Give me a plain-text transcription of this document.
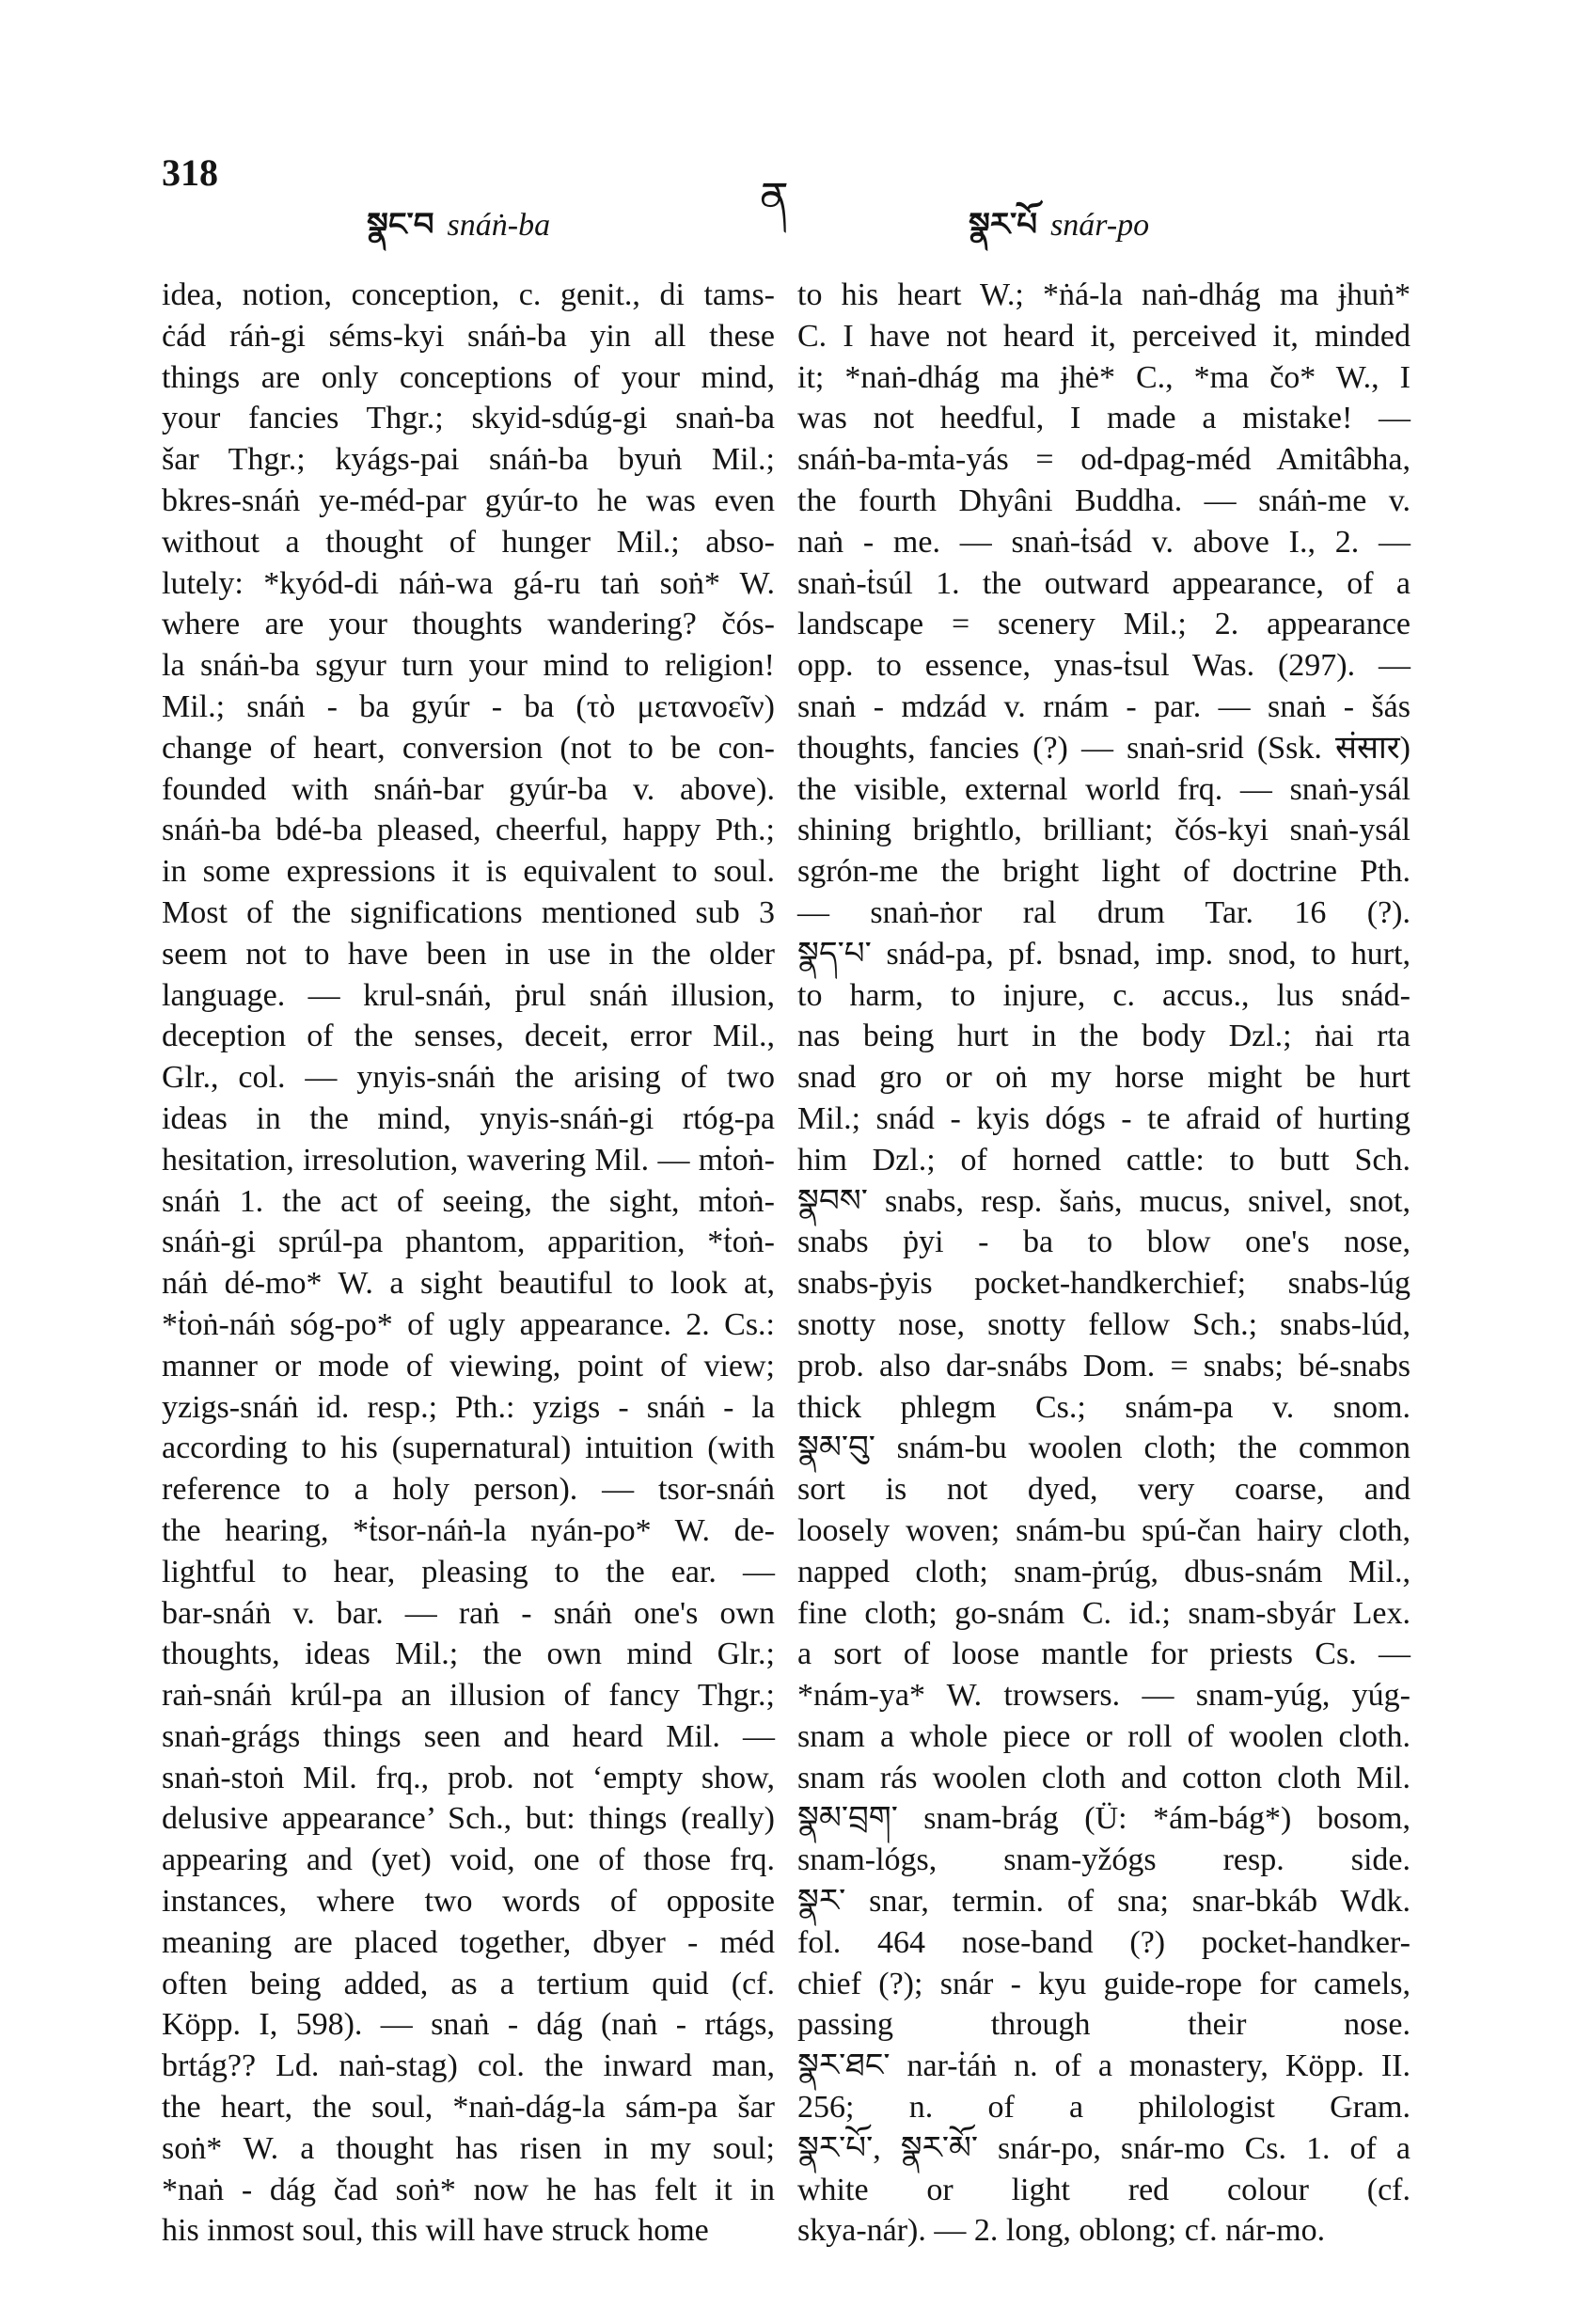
318
སྣང་བ snáṅ-ba
ན
སྣར་པོ snár-po
idea, notion, conception, c. genit., di tams-
ċád ráṅ-gi séms-kyi snáṅ-ba yin all these
things are only conceptions of your mind,
your fancies Thgr.; skyid-sdúg-gi snaṅ-ba
šar Thgr.; kyágs-pai snáṅ-ba byuṅ Mil.;
bkres-snáṅ ye-méd-par gyúr-to he was even
without a thought of hunger Mil.; abso-
lutely: *kyód-di náṅ-wa gá-ru taṅ soṅ* W.
where are your thoughts wandering? čós-
la snáṅ-ba sgyur turn your mind to religion!
Mil.; snáṅ - ba gyúr - ba (τὸ μετανοεῖν)
change of heart, conversion (not to be con-
founded with snáṅ-bar gyúr-ba v. above).
snáṅ-ba bdé-ba pleased, cheerful, happy Pth.;
in some expressions it is equivalent to soul.
Most of the significations mentioned sub 3
seem not to have been in use in the older
language. — krul-snáṅ, ṗrul snáṅ illusion,
deception of the senses, deceit, error Mil.,
Glr., col. — ynyis-snáṅ the arising of two
ideas in the mind, ynyis-snáṅ-gi rtóg-pa
hesitation, irresolution, wavering Mil. — mṫoṅ-
snáṅ 1. the act of seeing, the sight, mṫoṅ-
snáṅ-gi sprúl-pa phantom, apparition, *ṫoṅ-
náṅ dé-mo* W. a sight beautiful to look at,
*ṫoṅ-náṅ sóg-po* of ugly appearance. 2. Cs.:
manner or mode of viewing, point of view;
yzigs-snáṅ id. resp.; Pth.: yzigs - snáṅ - la
according to his (supernatural) intuition (with
reference to a holy person). — tsor-snáṅ
the hearing, *ṫsor-náṅ-la nyán-po* W. de-
lightful to hear, pleasing to the ear. —
bar-snáṅ v. bar. — raṅ - snáṅ one's own
thoughts, ideas Mil.; the own mind Glr.;
raṅ-snáṅ krúl-pa an illusion of fancy Thgr.;
snaṅ-grágs things seen and heard Mil. —
snaṅ-stoṅ Mil. frq., prob. not ‘empty show,
delusive appearance’ Sch., but: things (really)
appearing and (yet) void, one of those frq.
instances, where two words of opposite
meaning are placed together, dbyer - méd
often being added, as a tertium quid (cf.
Köpp. I, 598). — snaṅ - dág (naṅ - rtágs,
brtág?? Ld. naṅ-stag) col. the inward man,
the heart, the soul, *naṅ-dág-la sám-pa šar
soṅ* W. a thought has risen in my soul;
*naṅ - dág čad soṅ* now he has felt it in
his inmost soul, this will have struck home
to his heart W.; *ṅá-la naṅ-dhág ma ɉhuṅ*
C. I have not heard it, perceived it, minded
it; *naṅ-dhág ma ɉhė* C., *ma čo* W., I
was not heedful, I made a mistake! —
snáṅ-ba-mṫa-yás = od-dpag-méd Amitâbha,
the fourth Dhyâni Buddha. — snáṅ-me v.
naṅ - me. — snaṅ-ṫsád v. above I., 2. —
snaṅ-ṫsúl 1. the outward appearance, of a
landscape = scenery Mil.; 2. appearance
opp. to essence, ynas-ṫsul Was. (297). —
snaṅ - mdzád v. rnám - par. — snaṅ - šás
thoughts, fancies (?) — snaṅ-srid (Ssk. संसार)
the visible, external world frq. — snaṅ-ysál
shining brightlo, brilliant; čós-kyi snaṅ-ysál
sgrón-me the bright light of doctrine Pth.
— snaṅ-ṅor ral drum Tar. 16 (?).
སྣད་པ་ snád-pa, pf. bsnad, imp. snod, to hurt,
to harm, to injure, c. accus., lus snád-
nas being hurt in the body Dzl.; ṅai rta
snad gro or oṅ my horse might be hurt
Mil.; snád - kyis dógs - te afraid of hurting
him Dzl.; of horned cattle: to butt Sch.
སྣབས་ snabs, resp. šaṅs, mucus, snivel, snot,
snabs ṗyi - ba to blow one's nose,
snabs-ṗyis pocket-handkerchief; snabs-lúg
snotty nose, snotty fellow Sch.; snabs-lúd,
prob. also dar-snábs Dom. = snabs; bé-snabs
thick phlegm Cs.; snám-pa v. snom.
སྣམ་བུ་ snám-bu woolen cloth; the common
sort is not dyed, very coarse, and
loosely woven; snám-bu spú-čan hairy cloth,
napped cloth; snam-ṗrúg, dbus-snám Mil.,
fine cloth; go-snám C. id.; snam-sbyár Lex.
a sort of loose mantle for priests Cs. —
*nám-ya* W. trowsers. — snam-yúg, yúg-
snam a whole piece or roll of woolen cloth.
snam rás woolen cloth and cotton cloth Mil.
སྣམ་བྲག་ snam-brág (Ü: *ám-bág*) bosom,
snam-lógs, snam-yžógs resp. side.
སྣར་ snar, termin. of sna; snar-bkáb Wdk.
fol. 464 nose-band (?) pocket-handker-
chief (?); snár - kyu guide-rope for camels,
passing through their nose.
སྣར་ཐང་ nar-ṫáṅ n. of a monastery, Köpp. II.
256; n. of a philologist Gram.
སྣར་པོ་, སྣར་མོ་ snár-po, snár-mo Cs. 1. of a
white or light red colour (cf.
skya-nár). — 2. long, oblong; cf. nár-mo.
